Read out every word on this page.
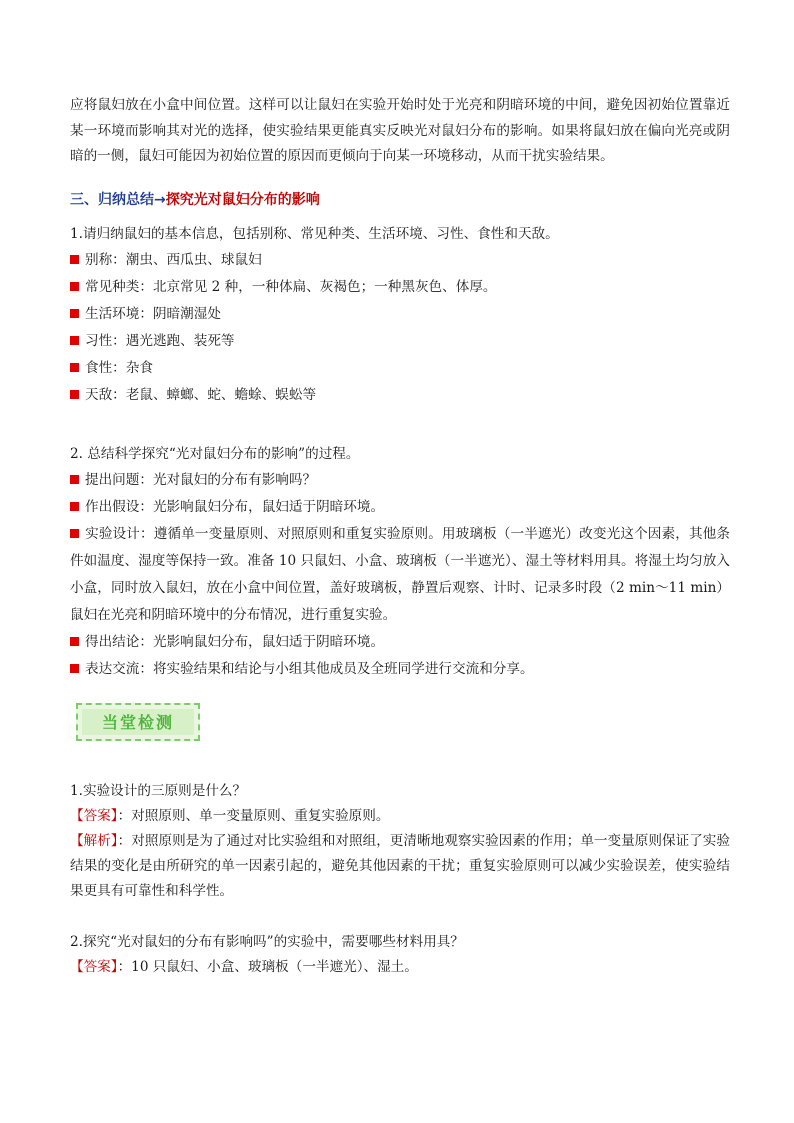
应将鼠妇放在小盒中间位置。这样可以让鼠妇在实验开始时处于光亮和阴暗环境的中间，避免因初始位置靠近某一环境而影响其对光的选择，使实验结果更能真实反映光对鼠妇分布的影响。如果将鼠妇放在偏向光亮或阴暗的一侧，鼠妇可能因为初始位置的原因而更倾向于向某一环境移动，从而干扰实验结果。

三、归纳总结→探究光对鼠妇分布的影响

1.请归纳鼠妇的基本信息，包括别称、常见种类、生活环境、习性、食性和天敌。

别称：潮虫、西瓜虫、球鼠妇
常见种类：北京常见 2 种，一种体扁、灰褐色；一种黑灰色、体厚。
生活环境：阴暗潮湿处
习性：遇光逃跑、装死等
食性：杂食
天敌：老鼠、蟑螂、蛇、蟾蜍、蜈蚣等

2. 总结科学探究“光对鼠妇分布的影响”的过程。

提出问题：光对鼠妇的分布有影响吗？
作出假设：光影响鼠妇分布，鼠妇适于阴暗环境。
实验设计：遵循单一变量原则、对照原则和重复实验原则。用玻璃板（一半遮光）改变光这个因素，其他条件如温度、湿度等保持一致。准备 10 只鼠妇、小盒、玻璃板（一半遮光）、湿土等材料用具。将湿土均匀放入小盒，同时放入鼠妇，放在小盒中间位置，盖好玻璃板，静置后观察、计时、记录多时段（2 min～11 min）鼠妇在光亮和阴暗环境中的分布情况，进行重复实验。
得出结论：光影响鼠妇分布，鼠妇适于阴暗环境。
表达交流：将实验结果和结论与小组其他成员及全班同学进行交流和分享。
当堂检测

1.实验设计的三原则是什么？

【答案】：对照原则、单一变量原则、重复实验原则。

【解析】：对照原则是为了通过对比实验组和对照组，更清晰地观察实验因素的作用；单一变量原则保证了实验结果的变化是由所研究的单一因素引起的，避免其他因素的干扰；重复实验原则可以减少实验误差，使实验结果更具有可靠性和科学性。

2.探究“光对鼠妇的分布有影响吗”的实验中，需要哪些材料用具？

【答案】：10 只鼠妇、小盒、玻璃板（一半遮光）、湿土。
